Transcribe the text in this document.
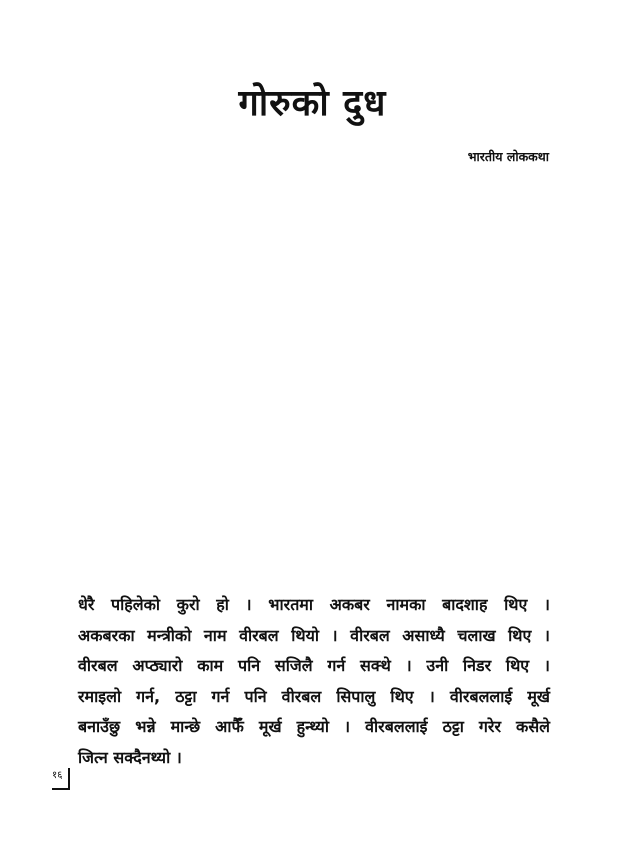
गोरुको दुध
भारतीय लोककथा
धेरै पहिलेको कुरो हो । भारतमा अकबर नामका बादशाह थिए ।
अकबरका मन्त्रीको नाम वीरबल थियो । वीरबल असाध्यै चलाख थिए ।
वीरबल अप्ठ्यारो काम पनि सजिलै गर्न सक्थे । उनी निडर थिए ।
रमाइलो गर्न, ठट्टा गर्न पनि वीरबल सिपालु थिए । वीरबललाई मूर्ख
बनाउँछु भन्ने मान्छे आफैँ मूर्ख हुन्थ्यो । वीरबललाई ठट्टा गरेर कसैले
जित्न सक्दैनथ्यो ।
१६
